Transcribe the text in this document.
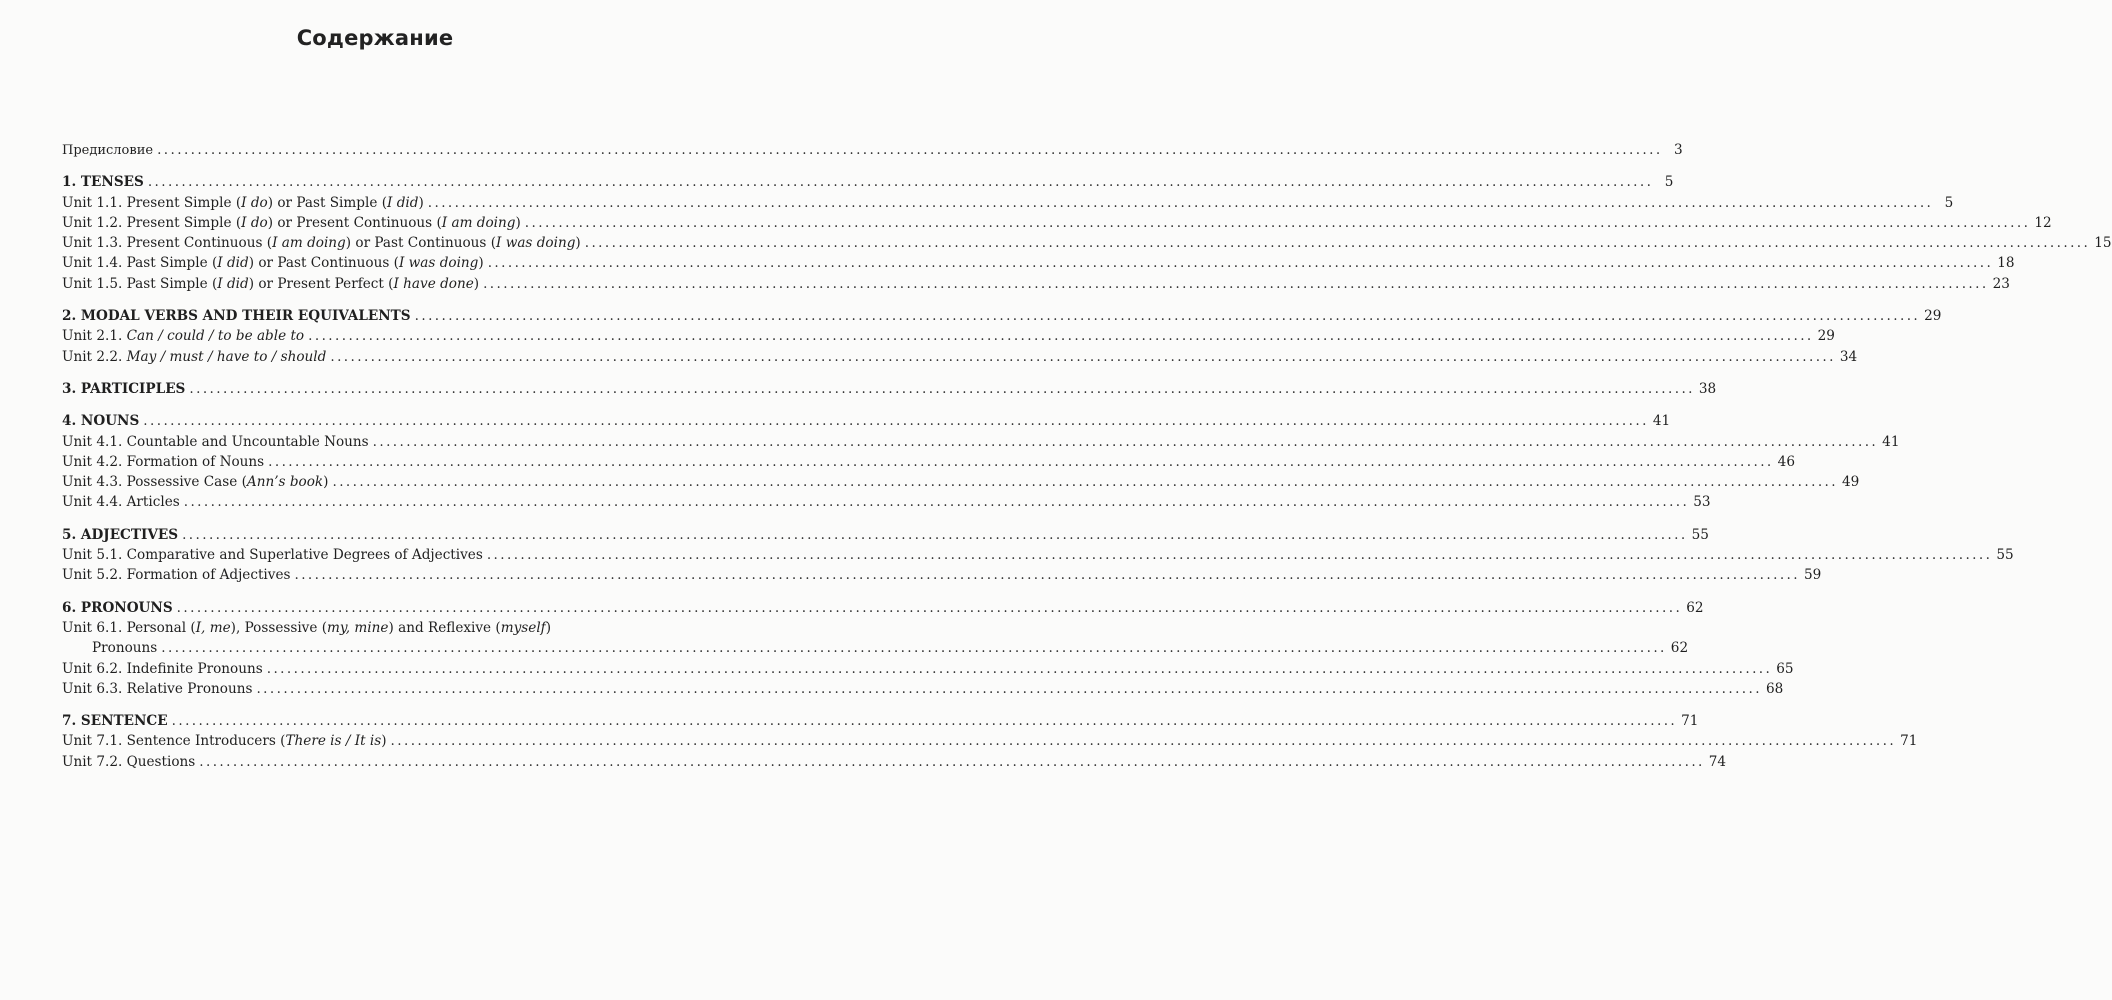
Содержание
Предисловие .....	3
1. TENSES .....	5
Unit 1.1. Present Simple (I do) or Past Simple (I did) .....	5
Unit 1.2. Present Simple (I do) or Present Continuous (I am doing) .....	12
Unit 1.3. Present Continuous (I am doing) or Past Continuous (I was doing) .....	15
Unit 1.4. Past Simple (I did) or Past Continuous (I was doing) .....	18
Unit 1.5. Past Simple (I did) or Present Perfect (I have done) .....	23
2. MODAL VERBS AND THEIR EQUIVALENTS .....	29
Unit 2.1. Can / could / to be able to .....	29
Unit 2.2. May / must / have to / should .....	34
3. PARTICIPLES .....	38
4. NOUNS .....	41
Unit 4.1. Countable and Uncountable Nouns .....	41
Unit 4.2. Formation of Nouns .....	46
Unit 4.3. Possessive Case (Ann’s book) .....	49
Unit 4.4. Articles .....	53
5. ADJECTIVES .....	55
Unit 5.1. Comparative and Superlative Degrees of Adjectives .....	55
Unit 5.2. Formation of Adjectives .....	59
6. PRONOUNS .....	62
Unit 6.1. Personal (I, me), Possessive (my, mine) and Reflexive (myself)
Pronouns .....	62
Unit 6.2. Indefinite Pronouns .....	65
Unit 6.3. Relative Pronouns .....	68
7. SENTENCE .....	71
Unit 7.1. Sentence Introducers (There is / It is) .....	71
Unit 7.2. Questions .....	74
